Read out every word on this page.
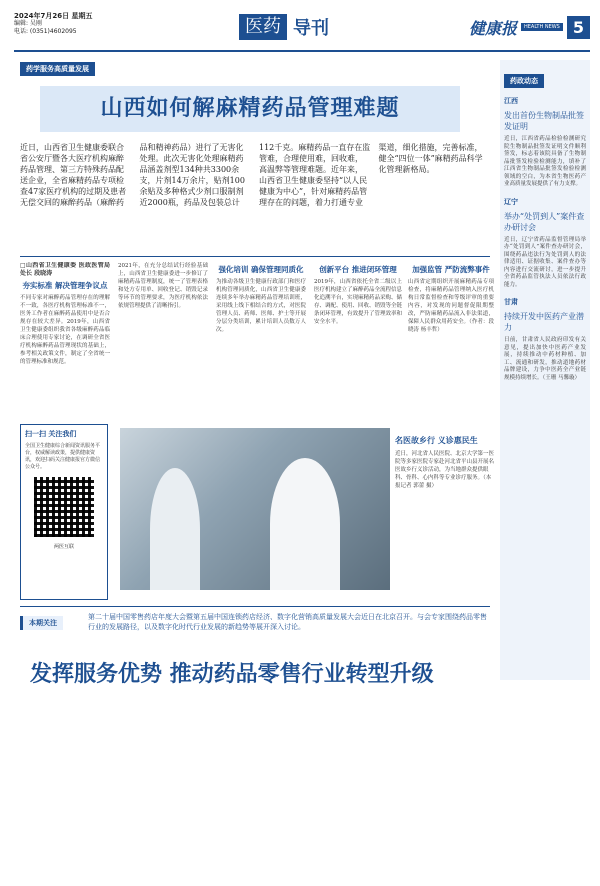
2024年7月26日 星期五
编辑: 吴刚
电话: (0351)4602095	医药 导刊	健康报	HEALTH NEWS 5
药学服务高质量发展
山西如何解麻精药品管理难题
近日，山西省卫生健康委联合省公安厅暨各大医疗机构麻醉药品管理、第三方特殊药品配送企业，全省麻精药品专项检查47家医疗机构的过期及患者无偿交回的麻醉药品（麻醉药品和精神药品）进行了无害化处理。此次无害化处理麻精药品涵盖剂型134种共3300余支，片剂14万余片，贴剂100余贴及多种格式少剂口服制剂近2000瓶，药品及包装总计112千克。麻精药品一直存在监管难，合理使用难，回收难，高温弊等管理难题。近年来，山西省卫生健康委坚持“以人民健康为中心”，针对麻精药品管理存在的问题，着力打通专业渠道，细化措施，完善标准，健全“四位一体”麻精药品科学化管理新格局。
□山西省卫生健康委 医政医管局处长 段晓涛
夯实标准 解决管理争议点
不同专家对麻醉药品管理存在的理解不一致，各医疗机构管理标准不一，医务工作者在麻醉药品使用中是否合规存在较大差异。2019年，山西省卫生健康委组织我省各级麻醉药品临床合理使用专家讨论，在调研全省医疗机构麻醉药品管理现状的基础上，参考相关政策文件，制定了全省统一的管理标准和规范。
2021年，在充分总结试行经验基础上，山西省卫生健康委进一步修订了麻精药品管理制度，统一了管理表格和处方专用单、回收登记、销毁记录等环节的管理要求，为医疗机构依法依规管理提供了清晰指引。
强化培训 确保管理同质化
为推动各级卫生健康行政部门和医疗机构管理同质化，山西省卫生健康委连续多年举办麻精药品管理培训班，采用线上线下相结合的方式，对医院管理人员、药师、医师、护士等开展分层分类培训，累计培训人员数万人次。
创新平台 推进闭环管理
2019年，山西省依托全省二级以上医疗机构建立了麻醉药品全流程信息化追溯平台，实现麻精药品采购、储存、调配、使用、回收、销毁等全链条闭环管理，有效提升了管理效率和安全水平。
加强监管 严防流弊事件
山西省定期组织开展麻精药品专项检查，将麻精药品管理纳入医疗机构日常监督检查和等级评审的重要内容，对发现的问题督促限期整改，严防麻精药品流入非法渠道，保障人民群众用药安全。（作者：段晓涛 杨丰哲）
扫一扫 关注我们
全国卫生健康综合新闻资讯服务平台，权威解读政策，提供健康资讯，欢迎扫码关注健康报官方微信公众号。
两医互联
名医故乡行 义诊惠民生

近日，河北省人民医院、北京大学第一医院等多家医院专家赴河北省平山县开展名医故乡行义诊活动，为当地群众提供眼科、骨科、心内科等专业诊疗服务。（本报记者 郭蕾 摄）

本期关注
第二十届中国零售药店年度大会暨第五届中国连锁药店经济、数字化营销高质量发展大会近日在北京召开。与会专家围绕药品零售行业的发展路径，以及数字化时代行业发展的新趋势等展开深入讨论。
发挥服务优势 推动药品零售行业转型升级
药政动态
江西
发出首份生物制品批签发证明
近日，江西省药品检验检测研究院生物制品批签发证明文件顺利签发，标志着该院具备了生物制品批签发检验检测能力，填补了江西省生物制品批签发检验检测领域的空白，为本省生物医药产业高质量发展提供了有力支撑。
辽宁
举办“处罚到人”案件查办研讨会
近日，辽宁省药品监督管理局举办“处罚到人”案件查办研讨会，围绕药品违法行为处罚到人的法律适用、证据收集、案件查办等内容进行交流研讨，进一步提升全省药品监管执法人员依法行政能力。
甘肃
持续开发中医药产业潜力
日前，甘肃省人民政府印发有关意见，提出加快中医药产业发展，持续推动中药材种植、加工、流通和研发，推动道地药材品牌建设，力争中医药全产业链规模持续增长。（王珊 马馨璇）
